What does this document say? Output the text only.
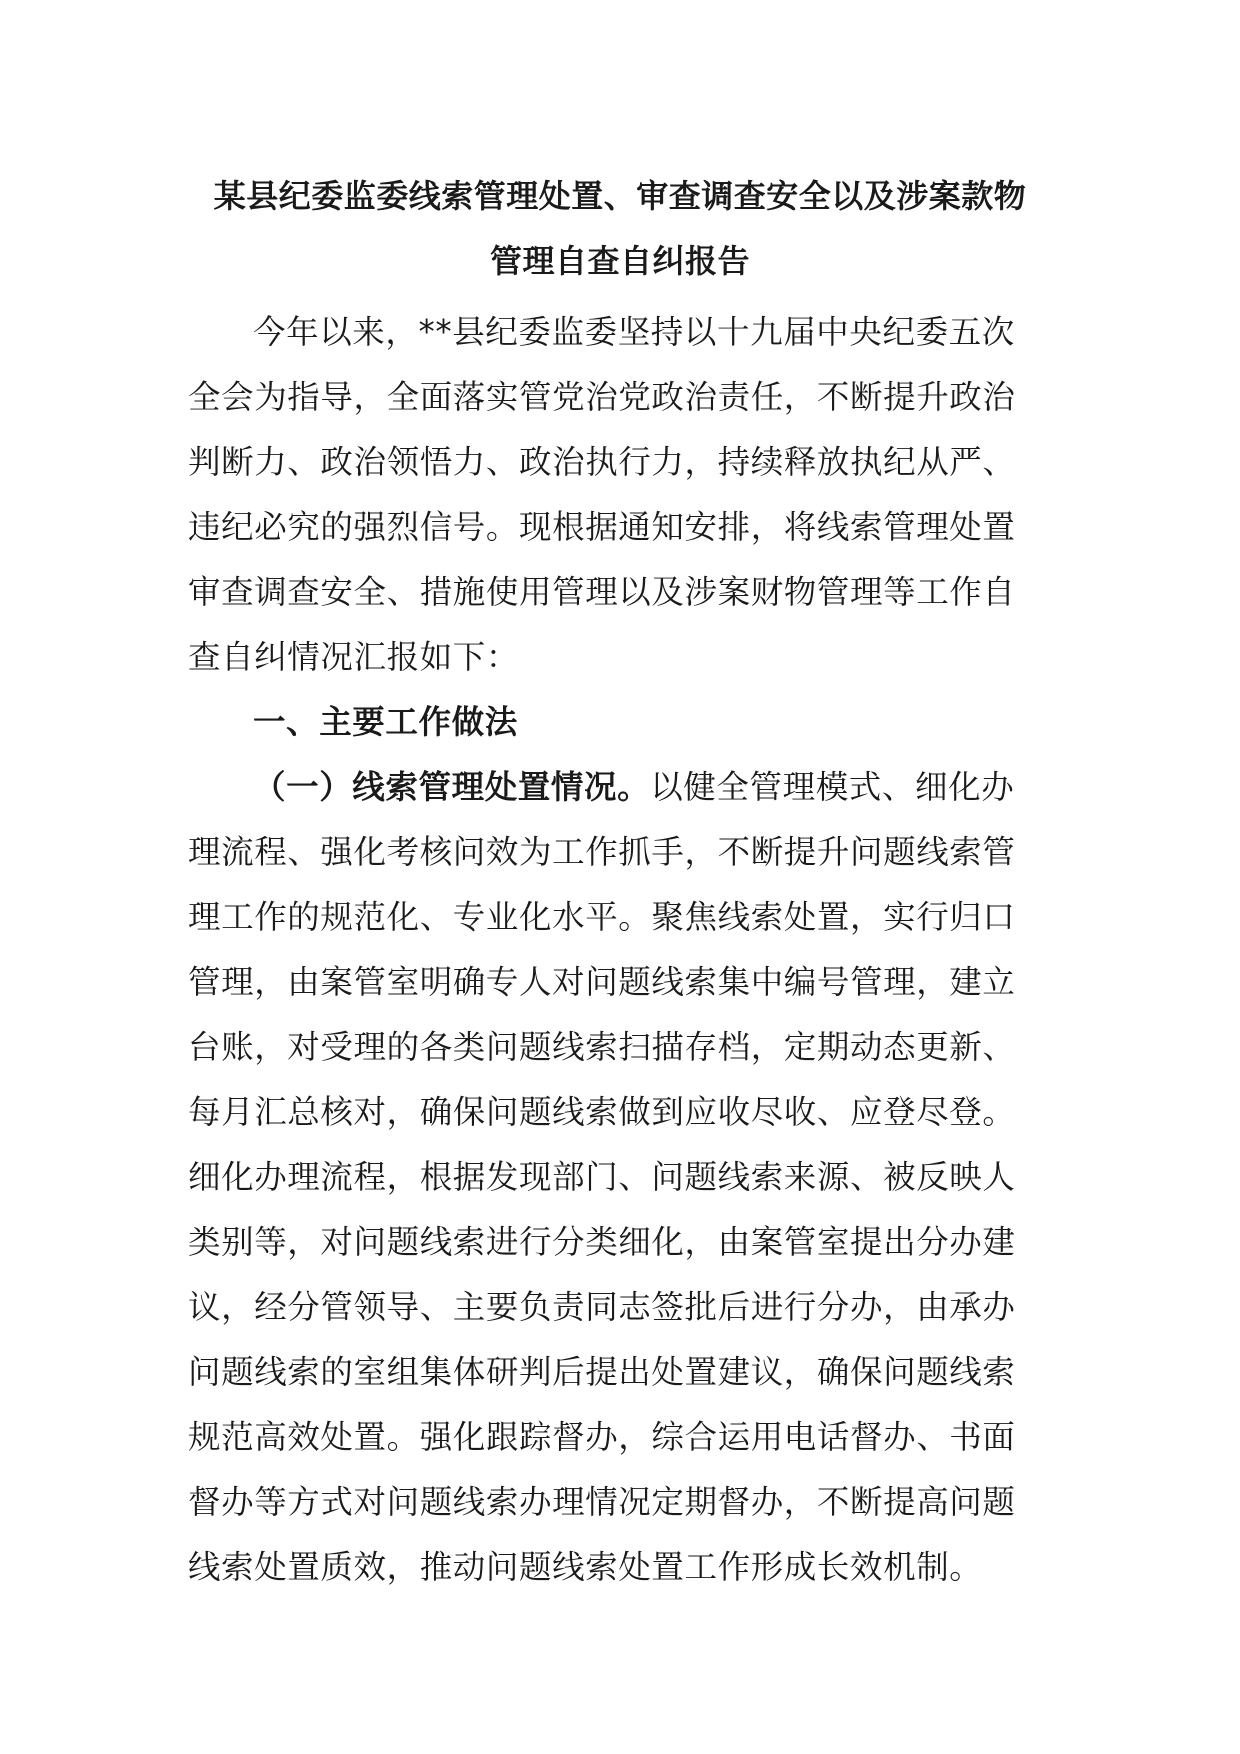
某县纪委监委线索管理处置、审查调查安全以及涉案款物
管理自查自纠报告
今年以来，**县纪委监委坚持以十九届中央纪委五次
全会为指导，全面落实管党治党政治责任，不断提升政治
判断力、政治领悟力、政治执行力，持续释放执纪从严、
违纪必究的强烈信号。现根据通知安排，将线索管理处置
审查调查安全、措施使用管理以及涉案财物管理等工作自
查自纠情况汇报如下：
一、主要工作做法
（一）线索管理处置情况。以健全管理模式、细化办
理流程、强化考核问效为工作抓手，不断提升问题线索管
理工作的规范化、专业化水平。聚焦线索处置，实行归口
管理，由案管室明确专人对问题线索集中编号管理，建立
台账，对受理的各类问题线索扫描存档，定期动态更新、
每月汇总核对，确保问题线索做到应收尽收、应登尽登。
细化办理流程，根据发现部门、问题线索来源、被反映人
类别等，对问题线索进行分类细化，由案管室提出分办建
议，经分管领导、主要负责同志签批后进行分办，由承办
问题线索的室组集体研判后提出处置建议，确保问题线索
规范高效处置。强化跟踪督办，综合运用电话督办、书面
督办等方式对问题线索办理情况定期督办，不断提高问题
线索处置质效，推动问题线索处置工作形成长效机制。
